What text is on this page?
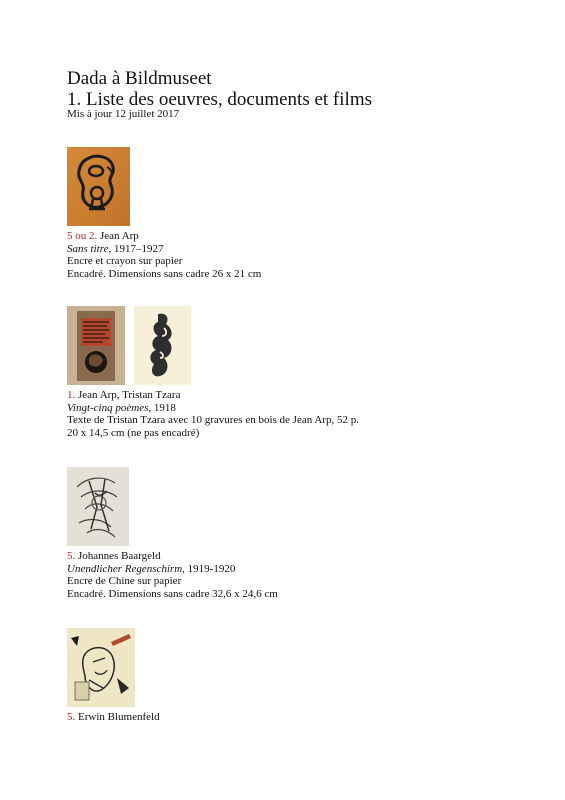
Dada à Bildmuseet
1. Liste des oeuvres, documents et films
Mis à jour 12 juillet 2017
5 ou 2. Jean Arp
Sans titre, 1917–1927
Encre et crayon sur papier
Encadré. Dimensions sans cadre 26 x 21 cm
1. Jean Arp, Tristan Tzara
Vingt-cinq poèmes, 1918
Texte de Tristan Tzara avec 10 gravures en bois de Jean Arp, 52 p.
20 x 14,5 cm (ne pas encadré)
5. Johannes Baargeld
Unendlicher Regenschirm, 1919-1920
Encre de Chine sur papier
Encadré. Dimensions sans cadre 32,6 x 24,6 cm
5. Erwin Blumenfeld
